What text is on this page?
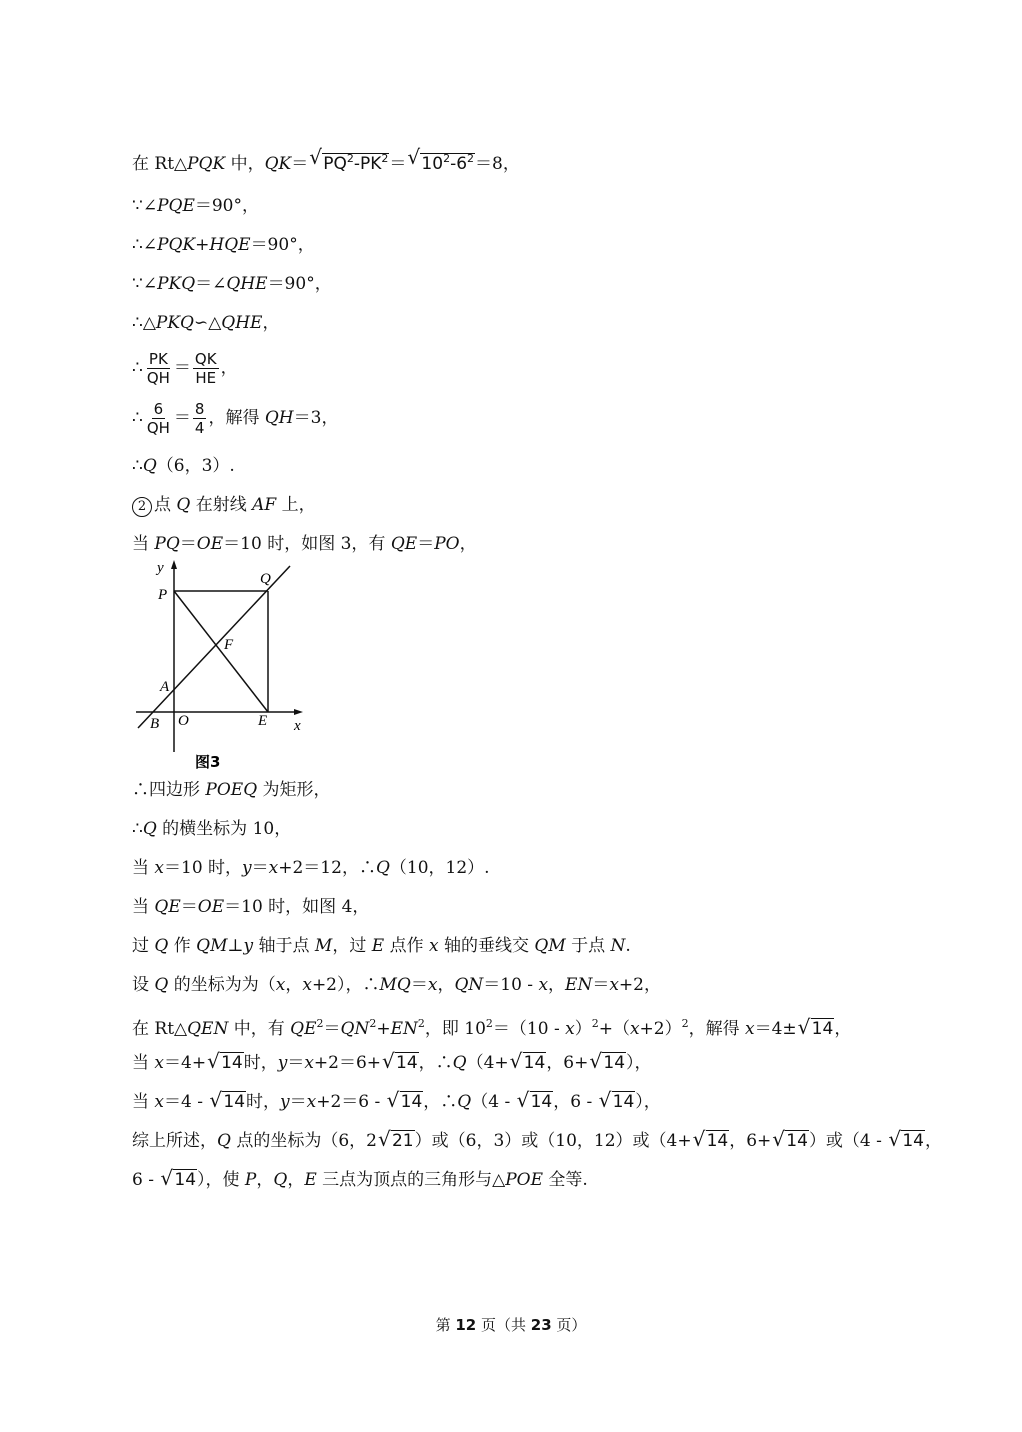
在 Rt△PQK 中，QK＝ √ $PQ^2-PK^2=$ √ $10^2-6^2=8$，
∵∠PQE＝90°，
∴∠PQK+HQE＝90°，
∵∠PKQ＝∠QHE＝90°，
∴△PKQ∽△QHE，
∴ $\frac{PK}{QH} = \frac{QK}{HE}$ ，
∴ $\frac{6}{QH} = \frac{8}{4}$ ，解得 QH＝3，
∴Q（6，3）.
2 点 Q 在射线 AF 上，
当 PQ＝OE＝10 时，如图 3，有 QE＝PO，
y
x
P
Q
F
A
B O	E
图3
∴四边形 POEQ 为矩形，
∴Q 的横坐标为 10，
当 x＝10 时，y＝x+2＝12，∴Q（10，12）.
当 QE＝OE＝10 时，如图 4，
过 Q 作 QM⊥y 轴于点 M，过 E 点作 x 轴的垂线交 QM 于点 N.
设 Q 的坐标为为（x，x+2），∴MQ＝x，QN＝10 - x，EN＝x+2，
在 Rt△QEN 中，有 $QE^2=QN^2+EN^2$，即 $10^2=(10 - x)^2+(x+2)^2$，解得 x＝4± √ 14，
当 x＝4+ √ 14时，y＝x+2＝6+ √ 14，∴Q（4+ √ 14，6+ √ 14），
当 x＝4 - √ 14时，y＝x+2＝6 - √ 14，∴Q（4 - √ 14，6 - √ 14），
综上所述，Q 点的坐标为（6，2 √ 21）或（6，3）或（10，12）或（4+ √ 14，6+ √ 14）或（4 - √ 14，
6 - √ 14），使 P，Q，E 三点为顶点的三角形与△POE 全等.
第 12 页（共 23 页）
